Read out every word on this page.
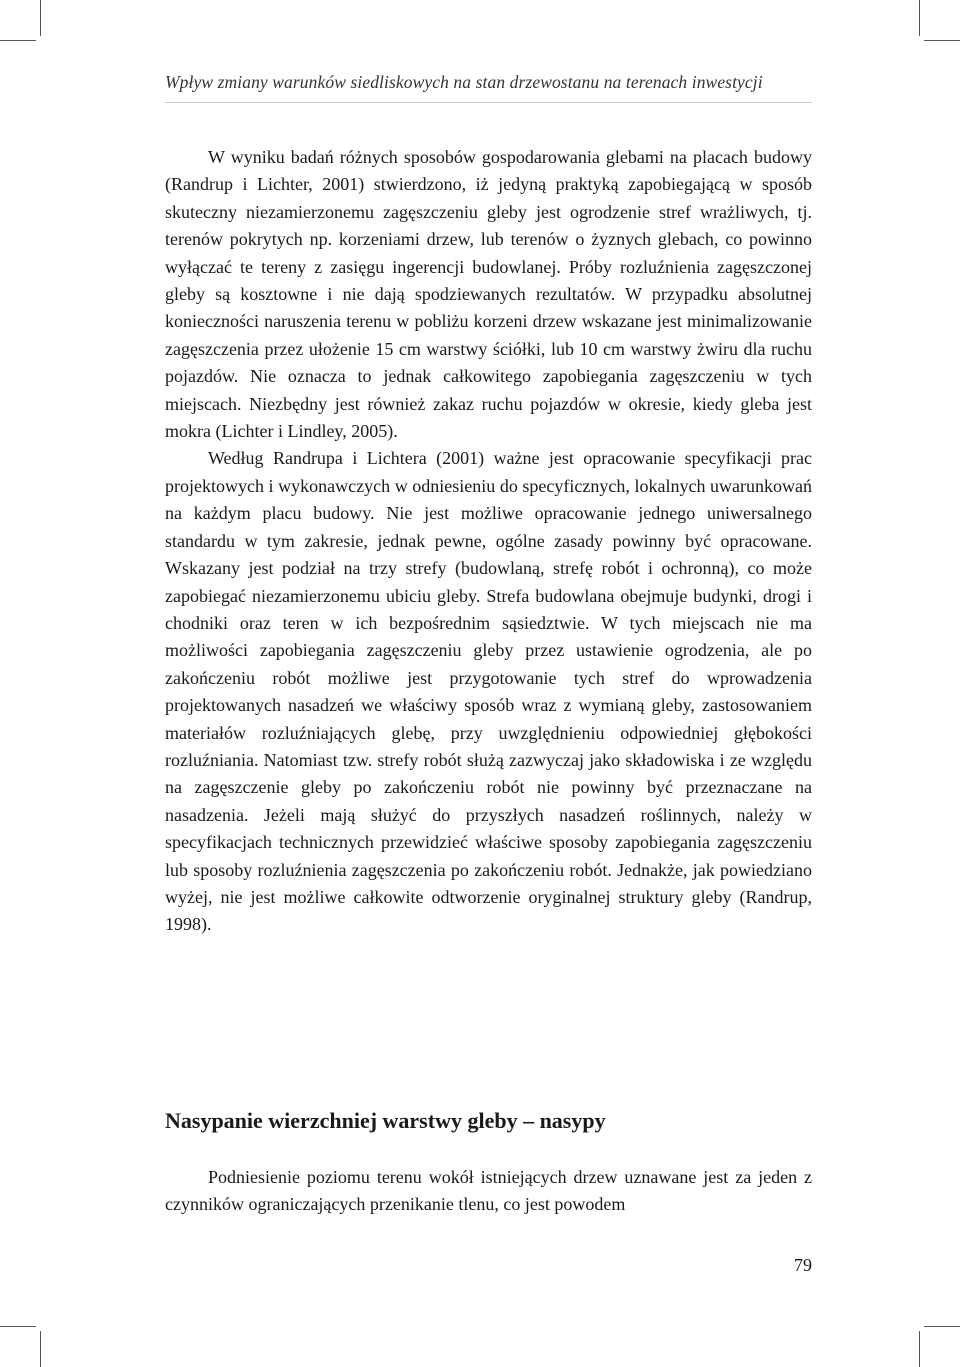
Wpływ zmiany warunków siedliskowych na stan drzewostanu na terenach inwestycji

W wyniku badań różnych sposobów gospodarowania glebami na placach budowy (Randrup i Lichter, 2001) stwierdzono, iż jedyną praktyką zapobiegającą w sposób skuteczny niezamierzonemu zagęszczeniu gleby jest ogrodzenie stref wrażliwych, tj. terenów pokrytych np. korzeniami drzew, lub terenów o żyznych glebach, co powinno wyłączać te tereny z zasięgu ingerencji budowlanej. Próby rozluźnienia zagęszczonej gleby są kosztowne i nie dają spodziewanych rezultatów. W przypadku absolutnej konieczności naruszenia terenu w pobliżu korzeni drzew wskazane jest minimalizowanie zagęszczenia przez ułożenie 15 cm warstwy ściółki, lub 10 cm warstwy żwiru dla ruchu pojazdów. Nie oznacza to jednak całkowitego zapobiegania zagęszczeniu w tych miejscach. Niezbędny jest również zakaz ruchu pojazdów w okresie, kiedy gleba jest mokra (Lichter i Lindley, 2005).

Według Randrupa i Lichtera (2001) ważne jest opracowanie specyfikacji prac projektowych i wykonawczych w odniesieniu do specyficznych, lokalnych uwarunkowań na każdym placu budowy. Nie jest możliwe opracowanie jednego uniwersalnego standardu w tym zakresie, jednak pewne, ogólne zasady powinny być opracowane. Wskazany jest podział na trzy strefy (budowlaną, strefę robót i ochronną), co może zapobiegać niezamierzonemu ubiciu gleby. Strefa budowlana obejmuje budynki, drogi i chodniki oraz teren w ich bezpośrednim sąsiedztwie. W tych miejscach nie ma możliwości zapobiegania zagęszczeniu gleby przez ustawienie ogrodzenia, ale po zakończeniu robót możliwe jest przygotowanie tych stref do wprowadzenia projektowanych nasadzeń we właściwy sposób wraz z wymianą gleby, zastosowaniem materiałów rozluźniających glebę, przy uwzględnieniu odpowiedniej głębokości rozluźniania. Natomiast tzw. strefy robót służą zazwyczaj jako składowiska i ze względu na zagęszczenie gleby po zakończeniu robót nie powinny być przeznaczane na nasadzenia. Jeżeli mają służyć do przyszłych nasadzeń roślinnych, należy w specyfikacjach technicznych przewidzieć właściwe sposoby zapobiegania zagęszczeniu lub sposoby rozluźnienia zagęszczenia po zakończeniu robót. Jednakże, jak powiedziano wyżej, nie jest możliwe całkowite odtworzenie oryginalnej struktury gleby (Randrup, 1998).

Nasypanie wierzchniej warstwy gleby – nasypy

Podniesienie poziomu terenu wokół istniejących drzew uznawane jest za jeden z czynników ograniczających przenikanie tlenu, co jest powodem

79
